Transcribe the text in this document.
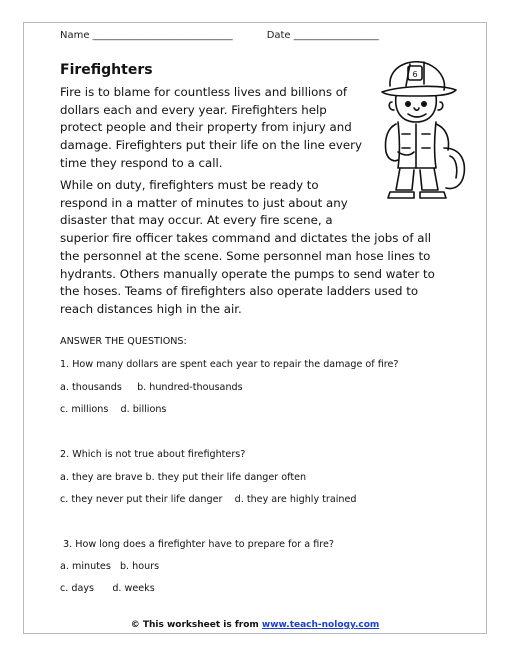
Name ____________________________	Date _________________
Firefighters	6

Fire is to blame for countless lives and billions of
dollars each and every year. Firefighters help
protect people and their property from injury and
damage. Firefighters put their life on the line every
time they respond to a call.

While on duty, firefighters must be ready to
respond in a matter of minutes to just about any
disaster that may occur. At every fire scene, a
superior fire officer takes command and dictates the jobs of all
the personnel at the scene. Some personnel man hose lines to
hydrants. Others manually operate the pumps to send water to
the hoses. Teams of firefighters also operate ladders used to
reach distances high in the air.

ANSWER THE QUESTIONS:

1. How many dollars are spent each year to repair the damage of fire?

a. thousands     b. hundred-thousands

c. millions    d. billions

2. Which is not true about firefighters?

a. they are brave b. they put their life danger often

c. they never put their life danger    d. they are highly trained

3. How long does a firefighter have to prepare for a fire?

a. minutes   b. hours

c. days      d. weeks

© This worksheet is from www.teach-nology.com
